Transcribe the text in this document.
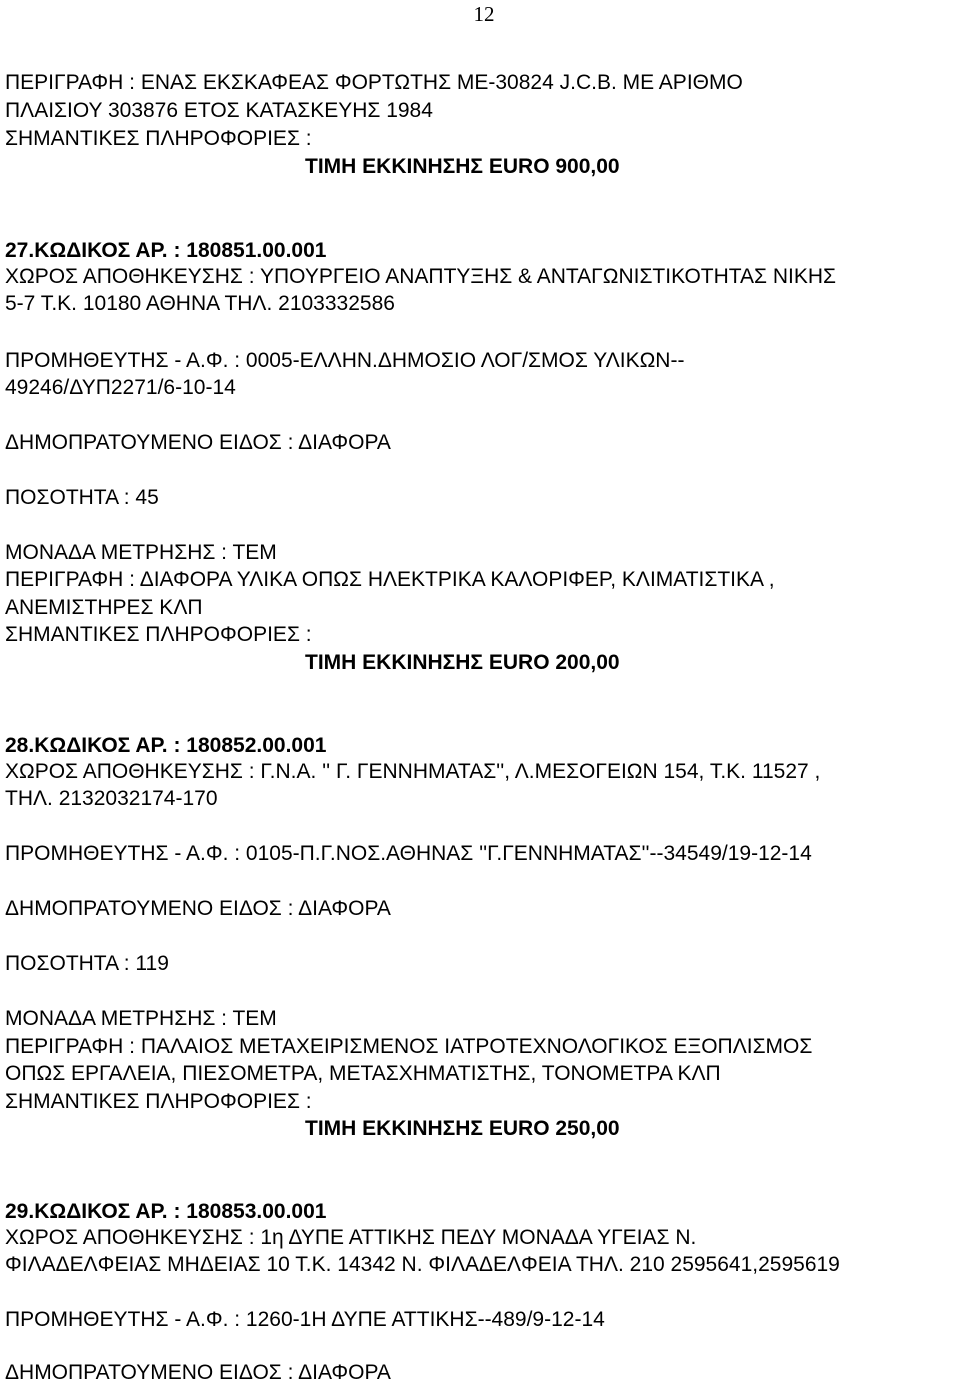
12
ΠΕΡΙΓΡΑΦΗ : ΕΝΑΣ ΕΚΣΚΑΦΕΑΣ ΦΟΡΤΩΤΗΣ ΜΕ-30824 J.C.B. ΜΕ ΑΡΙΘΜΟ
ΠΛΑΙΣΙΟΥ 303876 ΕΤΟΣ ΚΑΤΑΣΚΕΥΗΣ 1984
ΣΗΜΑΝΤΙΚΕΣ ΠΛΗΡΟΦΟΡΙΕΣ :
ΤΙΜΗ ΕΚΚΙΝΗΣΗΣ EURO 900,00
27.ΚΩΔΙΚΟΣ ΑΡ. : 180851.00.001
ΧΩΡΟΣ ΑΠΟΘΗΚΕΥΣΗΣ : ΥΠΟΥΡΓΕΙΟ ΑΝΑΠΤΥΞΗΣ & ΑΝΤΑΓΩΝΙΣΤΙΚΟΤΗΤΑΣ ΝΙΚΗΣ
5-7 Τ.Κ. 10180 ΑΘΗΝΑ ΤΗΛ. 2103332586
ΠΡΟΜΗΘΕΥΤΗΣ - Α.Φ. : 0005-ΕΛΛΗΝ.ΔΗΜΟΣΙΟ ΛΟΓ/ΣΜΟΣ ΥΛΙΚΩΝ--
49246/ΔΥΠ2271/6-10-14
ΔΗΜΟΠΡΑΤΟΥΜΕΝΟ ΕΙΔΟΣ : ΔΙΑΦΟΡΑ
ΠΟΣΟΤΗΤΑ : 45
ΜΟΝΑΔΑ ΜΕΤΡΗΣΗΣ : ΤΕΜ
ΠΕΡΙΓΡΑΦΗ : ΔΙΑΦΟΡΑ ΥΛΙΚΑ ΟΠΩΣ ΗΛΕΚΤΡΙΚΑ ΚΑΛΟΡΙΦΕΡ, ΚΛΙΜΑΤΙΣΤΙΚΑ ,
ΑΝΕΜΙΣΤΗΡΕΣ ΚΛΠ
ΣΗΜΑΝΤΙΚΕΣ ΠΛΗΡΟΦΟΡΙΕΣ :
ΤΙΜΗ ΕΚΚΙΝΗΣΗΣ EURO 200,00
28.ΚΩΔΙΚΟΣ ΑΡ. : 180852.00.001
ΧΩΡΟΣ ΑΠΟΘΗΚΕΥΣΗΣ : Γ.Ν.Α. '' Γ. ΓΕΝΝΗΜΑΤΑΣ'', Λ.ΜΕΣΟΓΕΙΩΝ 154, Τ.Κ. 11527 ,
ΤΗΛ. 2132032174-170
ΠΡΟΜΗΘΕΥΤΗΣ - Α.Φ. : 0105-Π.Γ.ΝΟΣ.ΑΘΗΝΑΣ ''Γ.ΓΕΝΝΗΜΑΤΑΣ''--34549/19-12-14
ΔΗΜΟΠΡΑΤΟΥΜΕΝΟ ΕΙΔΟΣ : ΔΙΑΦΟΡΑ
ΠΟΣΟΤΗΤΑ : 119
ΜΟΝΑΔΑ ΜΕΤΡΗΣΗΣ : ΤΕΜ
ΠΕΡΙΓΡΑΦΗ : ΠΑΛΑΙΟΣ ΜΕΤΑΧΕΙΡΙΣΜΕΝΟΣ ΙΑΤΡΟΤΕΧΝΟΛΟΓΙΚΟΣ ΕΞΟΠΛΙΣΜΟΣ
ΟΠΩΣ ΕΡΓΑΛΕΙΑ, ΠΙΕΣΟΜΕΤΡΑ, ΜΕΤΑΣΧΗΜΑΤΙΣΤΗΣ, ΤΟΝΟΜΕΤΡΑ ΚΛΠ
ΣΗΜΑΝΤΙΚΕΣ ΠΛΗΡΟΦΟΡΙΕΣ :
ΤΙΜΗ ΕΚΚΙΝΗΣΗΣ EURO 250,00
29.ΚΩΔΙΚΟΣ ΑΡ. : 180853.00.001
ΧΩΡΟΣ ΑΠΟΘΗΚΕΥΣΗΣ : 1η ΔΥΠΕ ΑΤΤΙΚΗΣ ΠΕΔΥ ΜΟΝΑΔΑ ΥΓΕΙΑΣ Ν.
ΦΙΛΑΔΕΛΦΕΙΑΣ ΜΗΔΕΙΑΣ 10 Τ.Κ. 14342 Ν. ΦΙΛΑΔΕΛΦΕΙΑ ΤΗΛ. 210 2595641,2595619
ΠΡΟΜΗΘΕΥΤΗΣ - Α.Φ. : 1260-1Η ΔΥΠΕ ΑΤΤΙΚΗΣ--489/9-12-14
ΔΗΜΟΠΡΑΤΟΥΜΕΝΟ ΕΙΔΟΣ : ΔΙΑΦΟΡΑ
